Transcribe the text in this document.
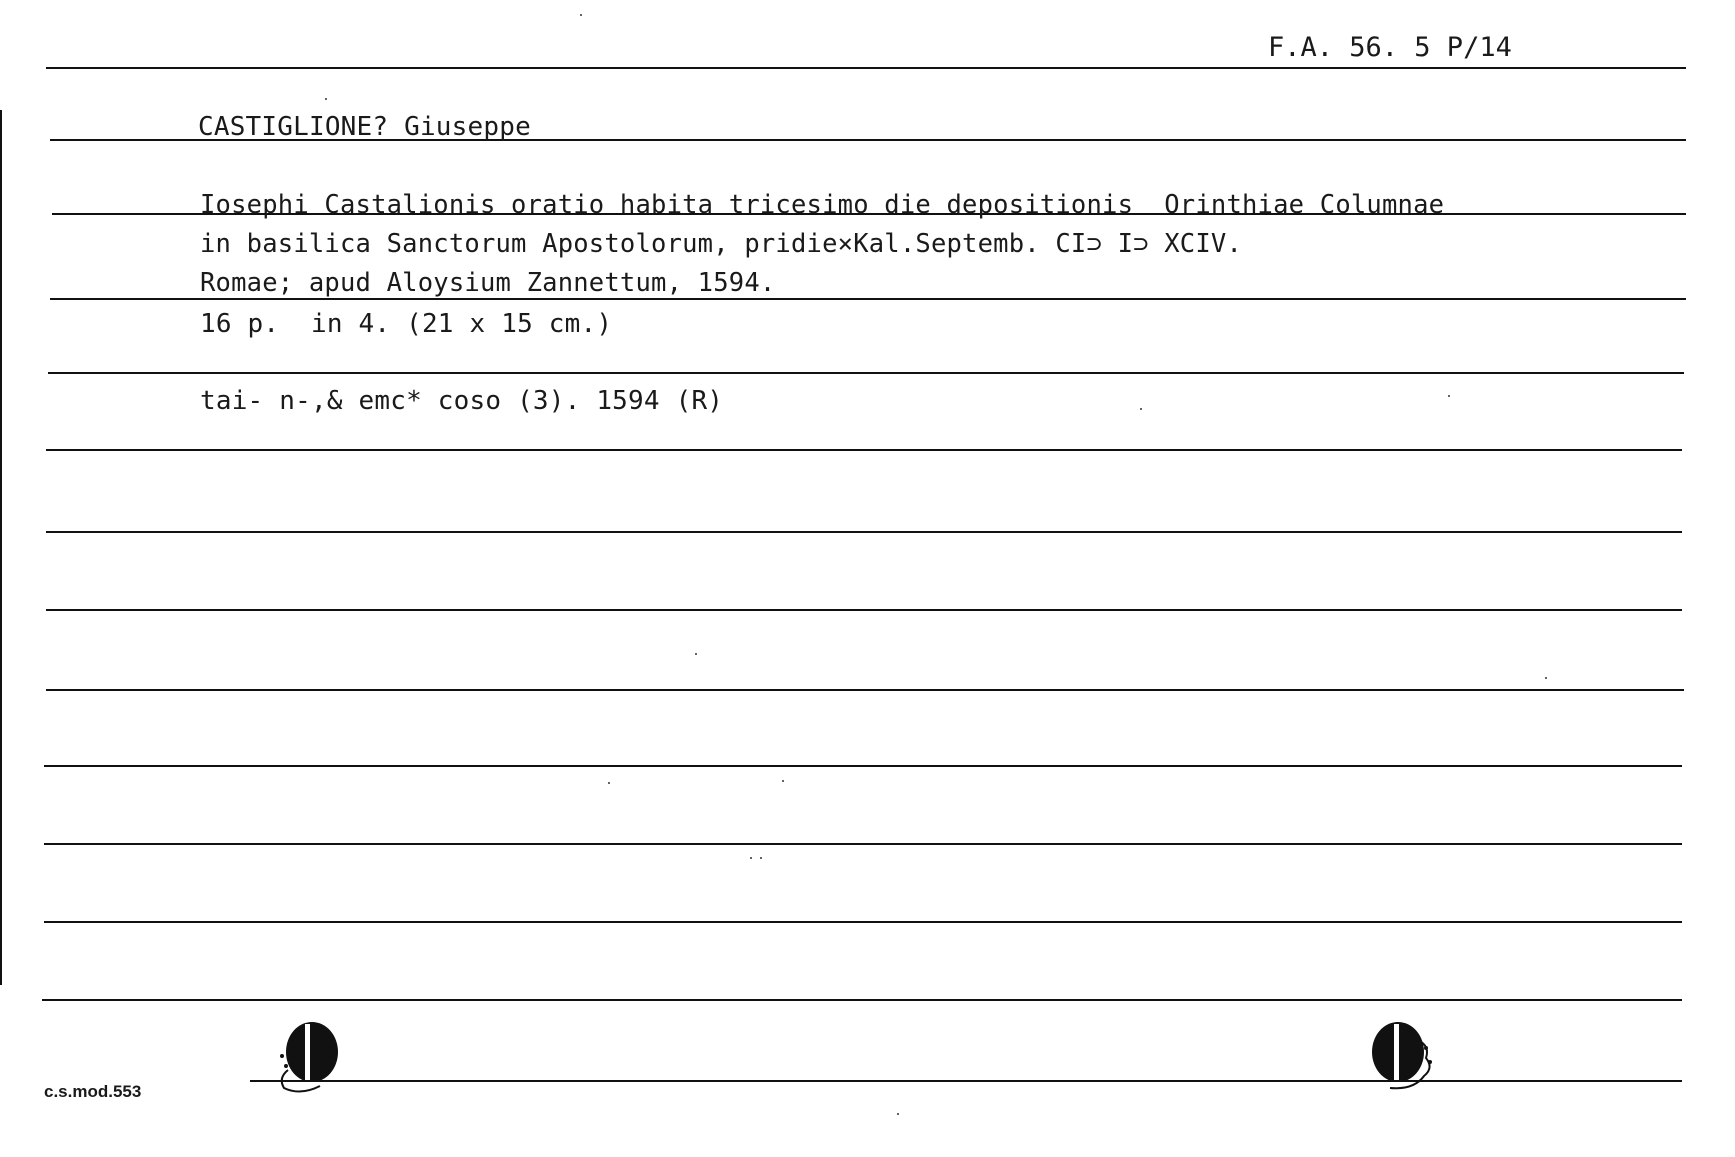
F.A. 56. 5 P/14
CASTIGLIONE? Giuseppe
Iosephi Castalionis oratio habita tricesimo die depositionis  Orinthiae Columnae
in basilica Sanctorum Apostolorum, pridie⨯Kal.Septemb. CI⊃ I⊃ XCIV.
Romae; apud Aloysium Zannettum, 1594.
16 p.  in 4. (21 x 15 cm.)
tai- n-,& emc* coso (3). 1594 (R)
c.s.mod.553
